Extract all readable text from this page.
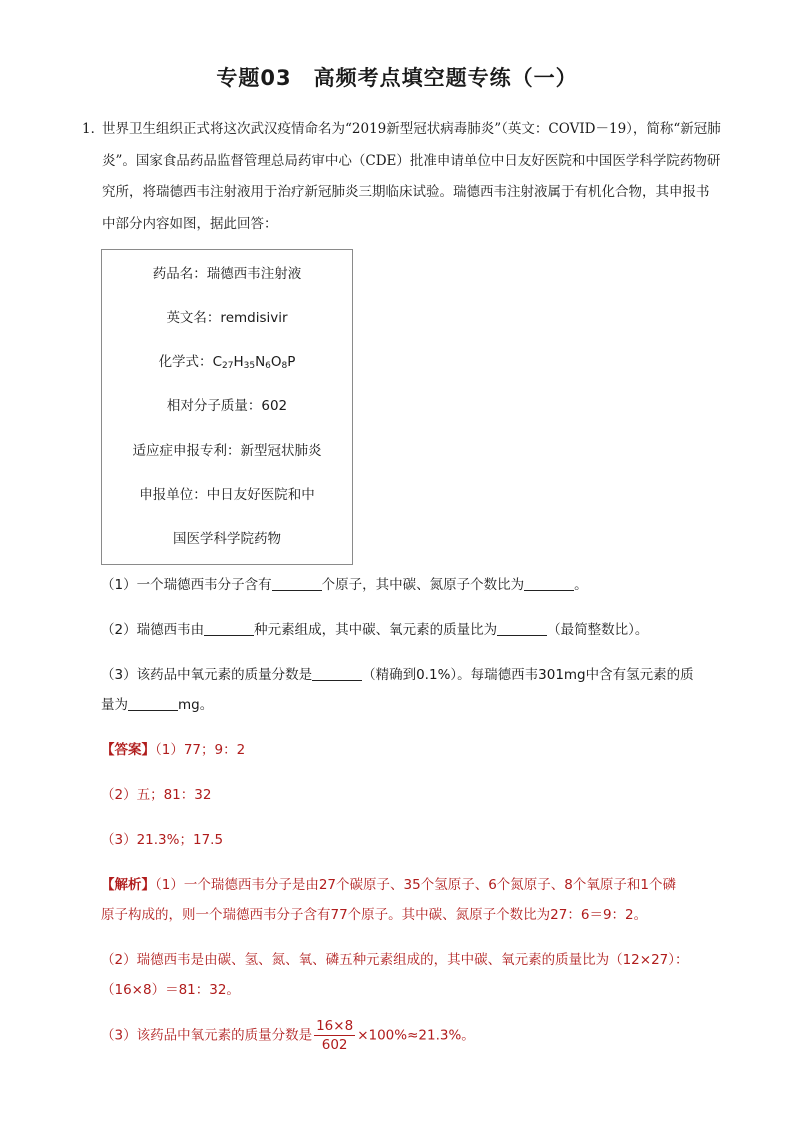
专题03 高频考点填空题专练（一）
1．
世界卫生组织正式将这次武汉疫情命名为“2019新型冠状病毒肺炎”（英文：COVID－19），简称“新冠肺炎”。国家食品药品监督管理总局药审中心（CDE）批准申请单位中日友好医院和中国医学科学院药物研究所，将瑞德西韦注射液用于治疗新冠肺炎三期临床试验。瑞德西韦注射液属于有机化合物，其申报书中部分内容如图，据此回答：
药品名：瑞德西韦注射液
英文名：remdisivir
化学式：$C_{27}H_{35}N_6O_8P$
相对分子质量：602
适应症申报专利：新型冠状肺炎
申报单位：中日友好医院和中
国医学科学院药物
（1）一个瑞德西韦分子含有	个原子，其中碳、氮原子个数比为	。
（2）瑞德西韦由	种元素组成，其中碳、氧元素的质量比为	（最简整数比）。
（3）该药品中氧元素的质量分数是	（精确到0.1%）。每瑞德西韦301mg中含有氢元素的质
量为	mg。
【答案】（1）77；9：2
（2）五；81：32
（3）21.3%；17.5
【解析】（1）一个瑞德西韦分子是由27个碳原子、35个氢原子、6个氮原子、8个氧原子和1个磷
原子构成的，则一个瑞德西韦分子含有77个原子。其中碳、氮原子个数比为27：6＝9：2。
（2）瑞德西韦是由碳、氢、氮、氧、磷五种元素组成的，其中碳、氧元素的质量比为（12×27）：
（16×8）＝81：32。
（3）该药品中氧元素的质量分数是 $\frac{16\times 8}{602} \times 100\%\approx 21.3\%$。
